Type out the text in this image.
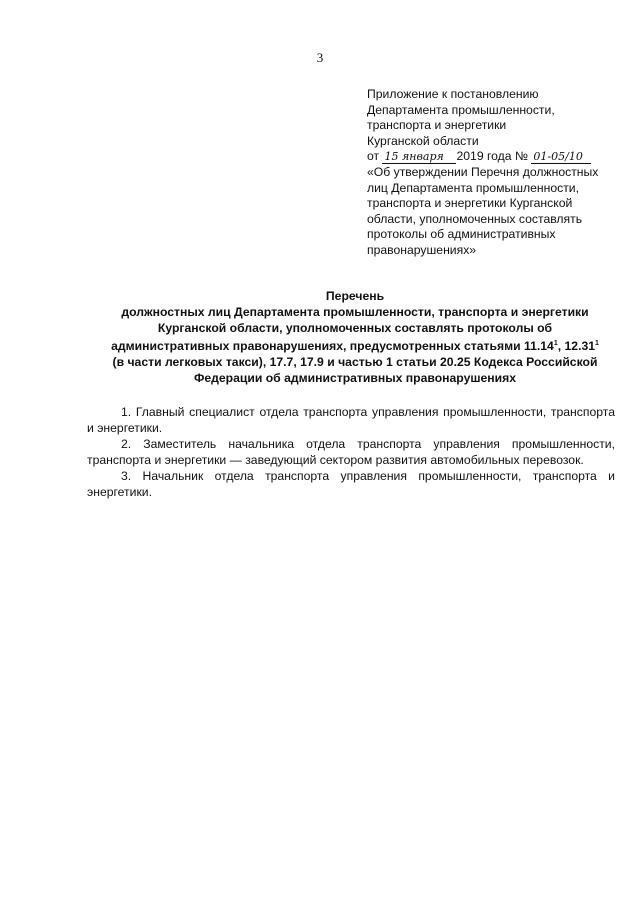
3
Приложение к постановлению
Департамента промышленности,
транспорта и энергетики
Курганской области
от 15 января 2019 года № 01-05/10
«Об утверждении Перечня должностных
лиц Департамента промышленности,
транспорта и энергетики Курганской
области, уполномоченных составлять
протоколы об административных
правонарушениях»
Перечень
должностных лиц Департамента промышленности, транспорта и энергетики
Курганской области, уполномоченных составлять протоколы об
административных правонарушениях, предусмотренных статьями 11.14$^1$, 12.31$^1$
(в части легковых такси), 17.7, 17.9 и частью 1 статьи 20.25 Кодекса Российской
Федерации об административных правонарушениях

1. Главный специалист отдела транспорта управления промышленности, транспорта и энергетики.

2. Заместитель начальника отдела транспорта управления промышленности, транспорта и энергетики — заведующий сектором развития автомобильных перевозок.

3. Начальник отдела транспорта управления промышленности, транспорта и энергетики.
